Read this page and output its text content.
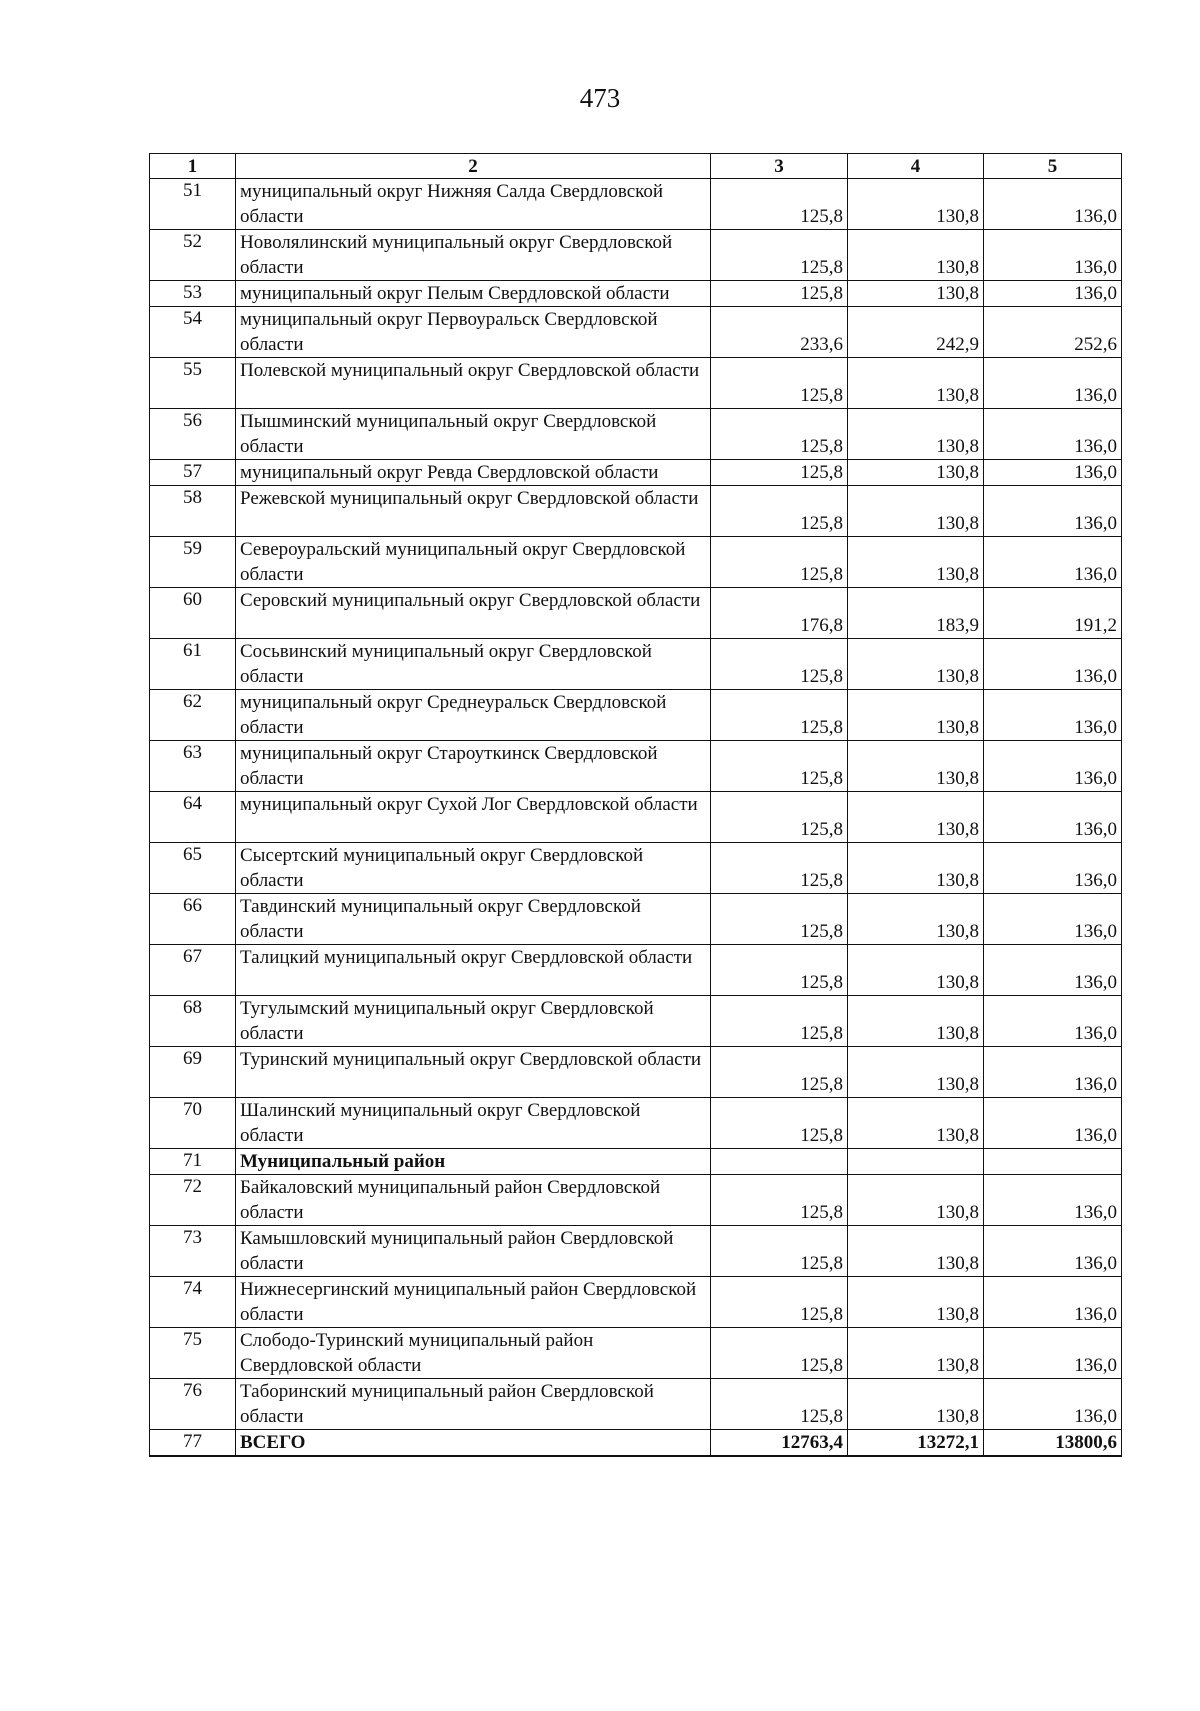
473
1	2	3	4	5
51	муниципальный округ Нижняя Салда Свердловской области	125,8	130,8	136,0
52	Новолялинский муниципальный округ Свердловской области	125,8	130,8	136,0
53	муниципальный округ Пелым Свердловской области	125,8	130,8	136,0
54	муниципальный округ Первоуральск Свердловской области	233,6	242,9	252,6
55	Полевской муниципальный округ Свердловской области	125,8	130,8	136,0
56	Пышминский муниципальный округ Свердловской области	125,8	130,8	136,0
57	муниципальный округ Ревда Свердловской области	125,8	130,8	136,0
58	Режевской муниципальный округ Свердловской области	125,8	130,8	136,0
59	Североуральский муниципальный округ Свердловской области	125,8	130,8	136,0
60	Серовский муниципальный округ Свердловской области	176,8	183,9	191,2
61	Сосьвинский муниципальный округ Свердловской области	125,8	130,8	136,0
62	муниципальный округ Среднеуральск Свердловской области	125,8	130,8	136,0
63	муниципальный округ Староуткинск Свердловской области	125,8	130,8	136,0
64	муниципальный округ Сухой Лог Свердловской области	125,8	130,8	136,0
65	Сысертский муниципальный округ Свердловской области	125,8	130,8	136,0
66	Тавдинский муниципальный округ Свердловской области	125,8	130,8	136,0
67	Талицкий муниципальный округ Свердловской области	125,8	130,8	136,0
68	Тугулымский муниципальный округ Свердловской области	125,8	130,8	136,0
69	Туринский муниципальный округ Свердловской области	125,8	130,8	136,0
70	Шалинский муниципальный округ Свердловской области	125,8	130,8	136,0
71	Муниципальный район			
72	Байкаловский муниципальный район Свердловской области	125,8	130,8	136,0
73	Камышловский муниципальный район Свердловской области	125,8	130,8	136,0
74	Нижнесергинский муниципальный район Свердловской области	125,8	130,8	136,0
75	Слободо-Туринский муниципальный район Свердловской области	125,8	130,8	136,0
76	Таборинский муниципальный район Свердловской области	125,8	130,8	136,0
77	ВСЕГО	12763,4	13272,1	13800,6
